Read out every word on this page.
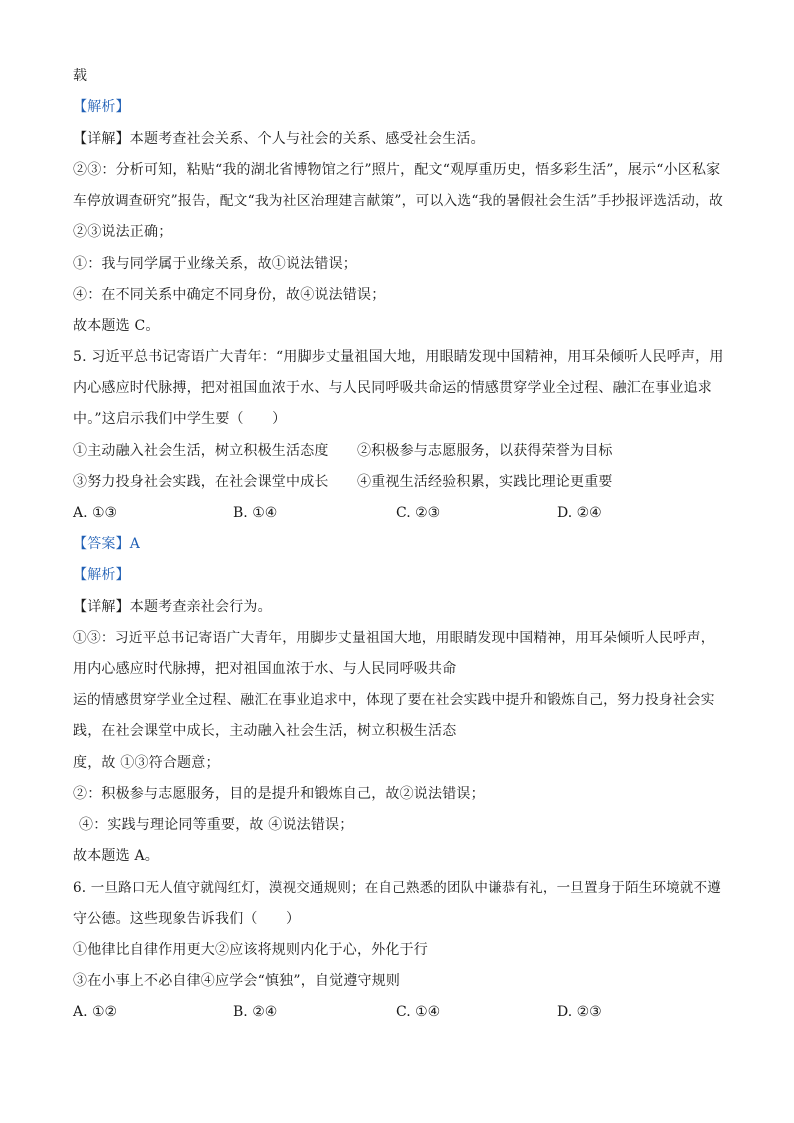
载
【解析】
【详解】本题考查社会关系、个人与社会的关系、感受社会生活。
②③：分析可知，粘贴“我的湖北省博物馆之行”照片，配文“观厚重历史，悟多彩生活”，展示“小区私家
车停放调查研究”报告，配文“我为社区治理建言献策”，可以入选“我的暑假社会生活”手抄报评选活动，故
②③说法正确；
①：我与同学属于业缘关系，故①说法错误；
④：在不同关系中确定不同身份，故④说法错误；
故本题选 C。
5. 习近平总书记寄语广大青年：“用脚步丈量祖国大地，用眼睛发现中国精神，用耳朵倾听人民呼声，用
内心感应时代脉搏，把对祖国血浓于水、与人民同呼吸共命运的情感贯穿学业全过程、融汇在事业追求
中。”这启示我们中学生要（　　）
①主动融入社会生活，树立积极生活态度　　②积极参与志愿服务，以获得荣誉为目标
③努力投身社会实践，在社会课堂中成长　　④重视生活经验积累，实践比理论更重要
A. ①③	B. ①④	C. ②③	D. ②④
【答案】A
【解析】
【详解】本题考查亲社会行为。
①③：习近平总书记寄语广大青年，用脚步丈量祖国大地，用眼睛发现中国精神，用耳朵倾听人民呼声，
用内心感应时代脉搏，把对祖国血浓于水、与人民同呼吸共命
运的情感贯穿学业全过程、融汇在事业追求中，体现了要在社会实践中提升和锻炼自己，努力投身社会实
践，在社会课堂中成长，主动融入社会生活，树立积极生活态
度，故 ①③符合题意；
②：积极参与志愿服务，目的是提升和锻炼自己，故②说法错误；
④：实践与理论同等重要，故 ④说法错误；
故本题选 A。
6. 一旦路口无人值守就闯红灯，漠视交通规则；在自己熟悉的团队中谦恭有礼，一旦置身于陌生环境就不遵
守公德。这些现象告诉我们（　　）
①他律比自律作用更大②应该将规则内化于心，外化于行
③在小事上不必自律④应学会“慎独”，自觉遵守规则
A. ①②	B. ②④	C. ①④	D. ②③
